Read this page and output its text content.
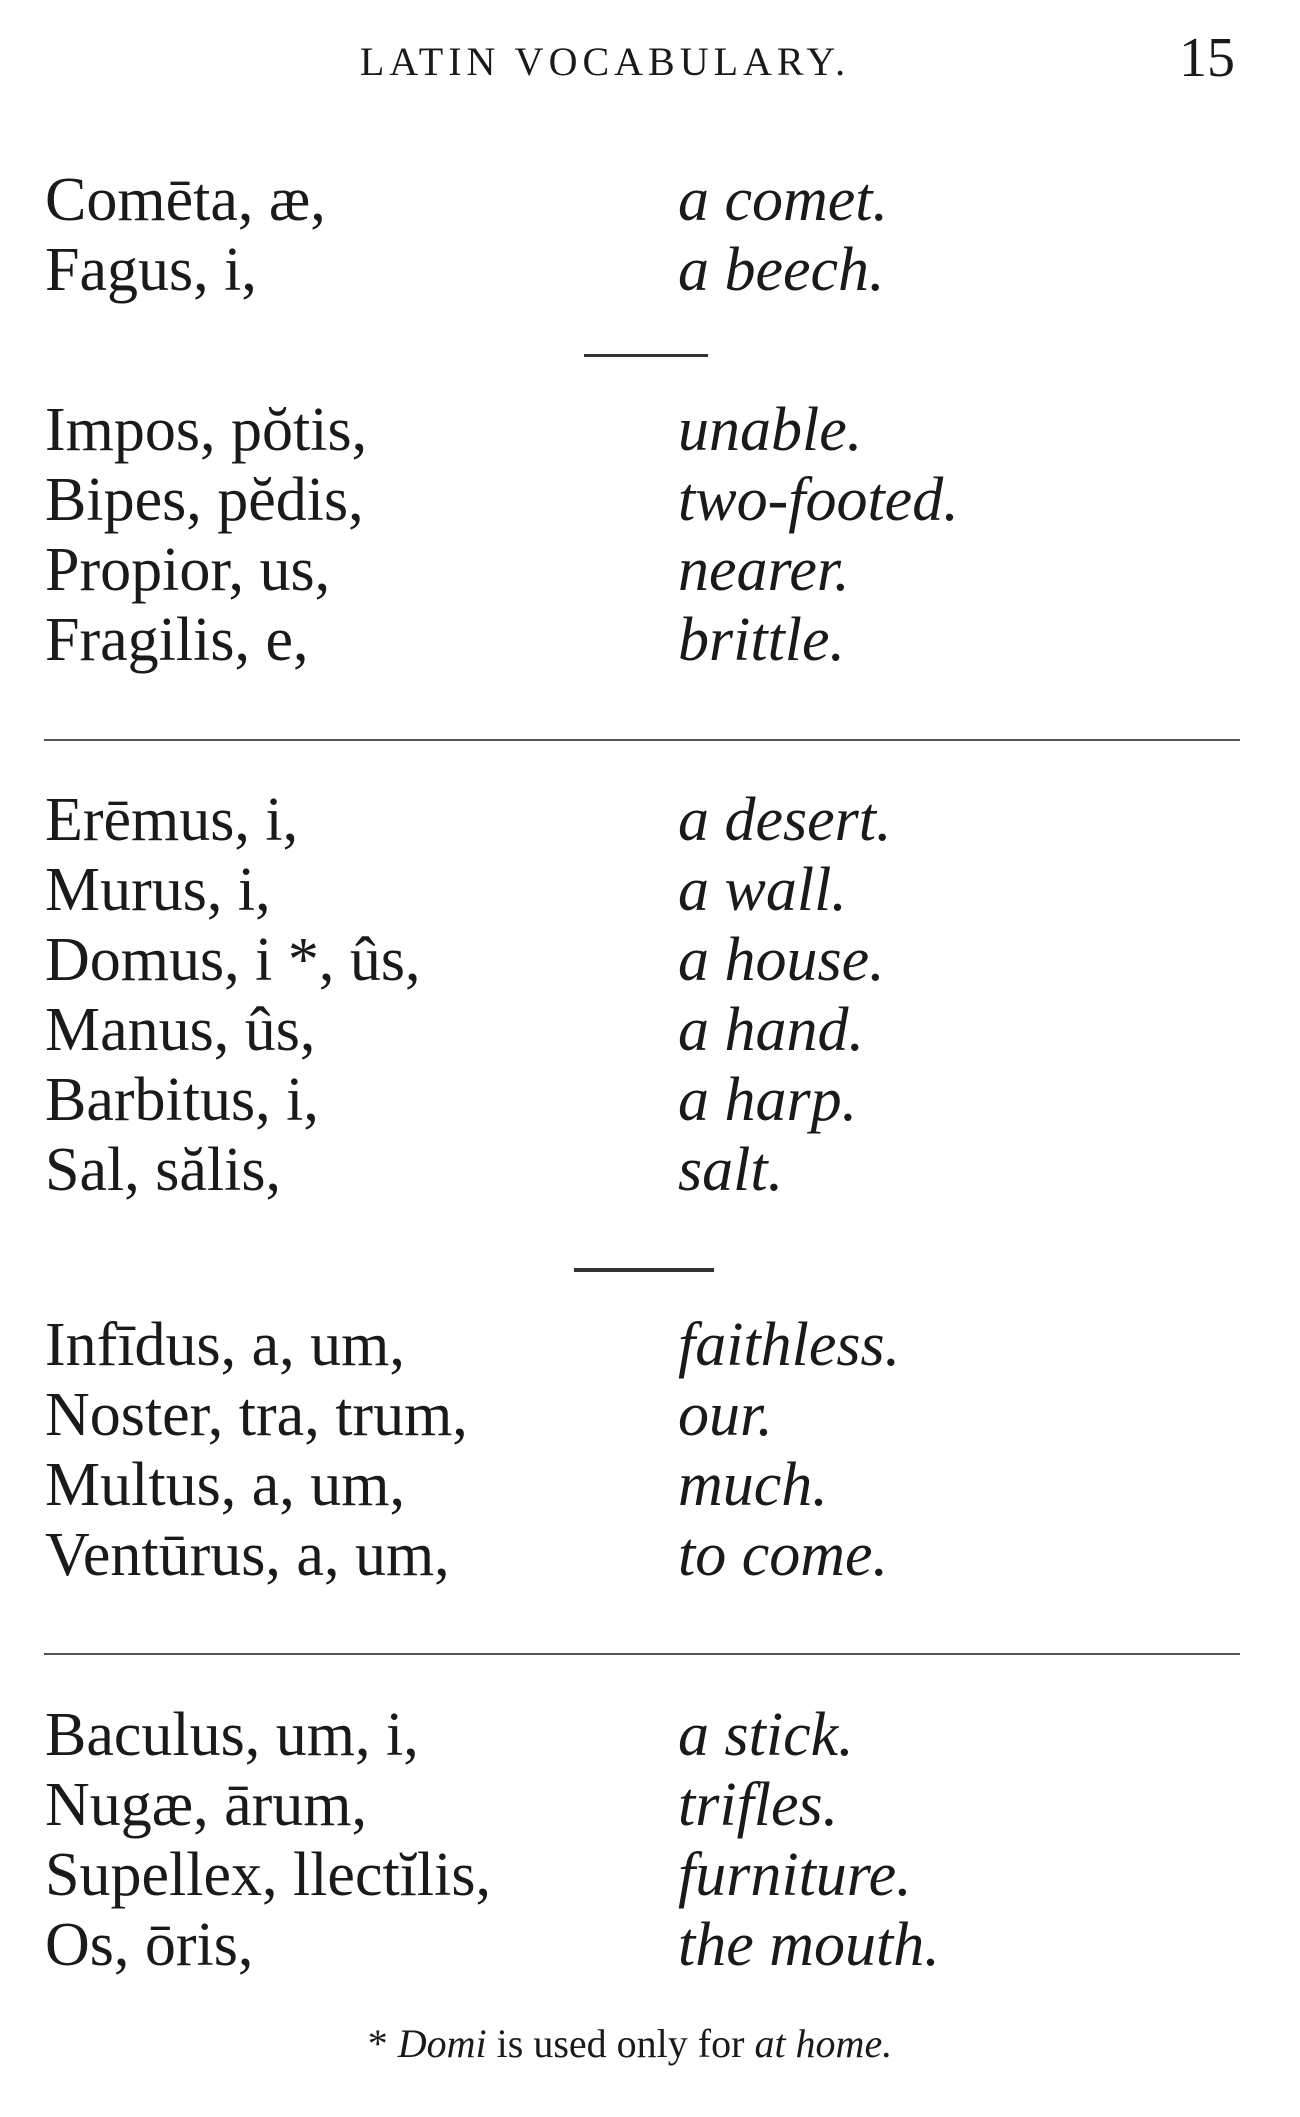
LATIN VOCABULARY.	15
Comēta, æ,	a comet.
Fagus, i,	a beech.
Impos, pŏtis,	unable.
Bipes, pĕdis,	two-footed.
Propior, us,	nearer.
Fragilis, e,	brittle.
Erēmus, i,	a desert.
Murus, i,	a wall.
Domus, i *, ûs,	a house.
Manus, ûs,	a hand.
Barbitus, i,	a harp.
Sal, sălis,	salt.
Infīdus, a, um,	faithless.
Noster, tra, trum,	our.
Multus, a, um,	much.
Ventūrus, a, um,	to come.
Baculus, um, i,	a stick.
Nugæ, ārum,	trifles.
Supellex, llectĭlis,	furniture.
Os, ōris,	the mouth.
* Domi is used only for at home.
